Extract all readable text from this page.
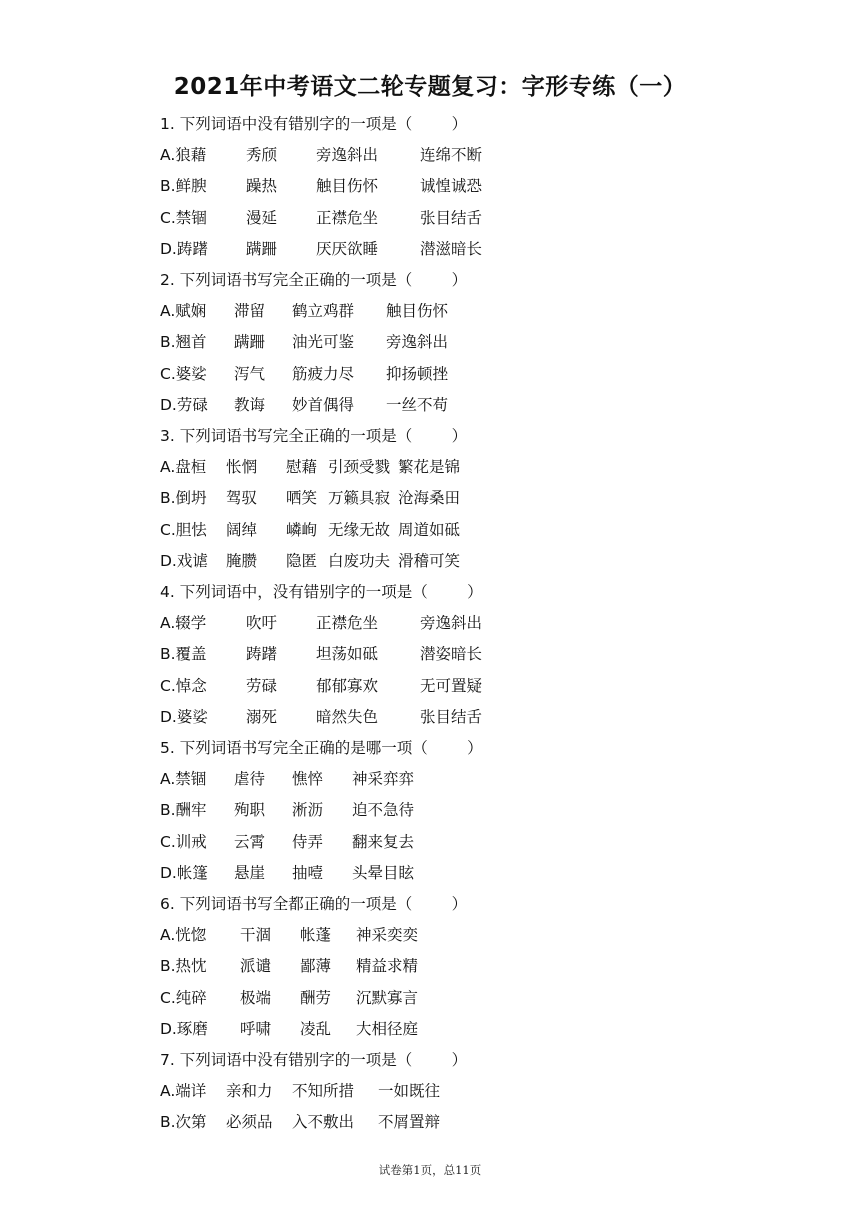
2021年中考语文二轮专题复习：字形专练（一）
1. 下列词语中没有错别字的一项是（        ）
A.狼藉	秀颀	旁逸斜出	连绵不断
B.鲜腴	躁热	触目伤怀	诚惶诚恐
C.禁锢	漫延	正襟危坐	张目结舌
D.踌躇 蹒跚	厌厌欲睡	潜滋暗长
2. 下列词语书写完全正确的一项是（        ）
A.赋娴 滞留 鹤立鸡群 触目伤怀
B.翘首 蹒跚 油光可鉴 旁逸斜出
C.婆娑 泻气 筋疲力尽 抑扬顿挫
D.劳碌 教诲 妙首偶得 一丝不苟
3. 下列词语书写完全正确的一项是（        ）
A.盘桓 怅惘 慰藉 引颈受戮 繁花是锦
B.倒坍 驾驭 哂笑 万籁具寂 沧海桑田
C.胆怯 阔绰 嶙峋 无缘无故 周道如砥
D.戏谑 腌臜 隐匿 白废功夫 滑稽可笑
4. 下列词语中，没有错别字的一项是（        ）
A.辍学	吹吁	正襟危坐	旁逸斜出
B.覆盖	踌躇	坦荡如砥	潜姿暗长
C.悼念	劳碌	郁郁寡欢	无可置疑
D.婆娑 溺死	暗然失色	张目结舌
5. 下列词语书写完全正确的是哪一项（        ）
A.禁锢 虐待 憔悴 神采弈弈
B.酬牢 殉职 淅沥 迫不急待
C.训戒 云霄 侍弄 翻来复去
D.帐篷 悬崖 抽噎 头晕目眩
6. 下列词语书写全都正确的一项是（        ）
A.恍惚 干涸 帐蓬 神采奕奕
B.热忱 派谴 鄙薄 精益求精
C.纯碎 极端 酬劳 沉默寡言
D.琢磨 呼啸 凌乱 大相径庭
7. 下列词语中没有错别字的一项是（        ）
A.端详 亲和力 不知所措 一如既往
B.次第 必须品 入不敷出 不屑置辩
试卷第1页，总11页
